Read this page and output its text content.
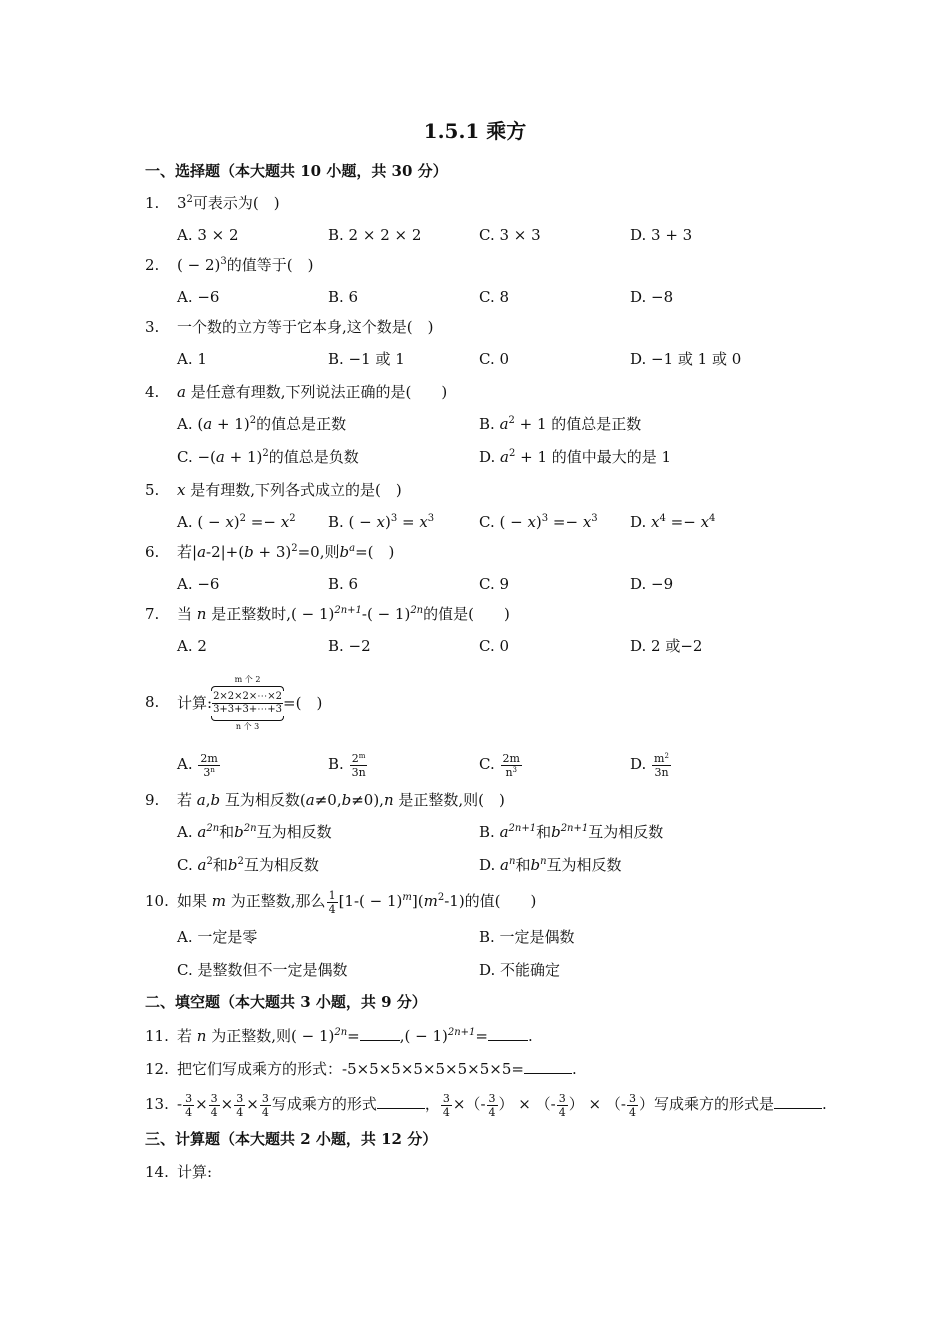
1.5.1 乘方
一、选择题（本大题共 10 小题，共 30 分）
1. $3^2$可表示为(　)
A. 3 × 2	B. 2 × 2 × 2	C. 3 × 3	D. 3 + 3
2. ( − 2)$^3$的值等于(　)
A. −6	B. 6	C. 8	D. −8
3. 一个数的立方等于它本身,这个数是(　)
A. 1	B. −1 或 1	C. 0	D. −1 或 1 或 0
4. a 是任意有理数,下列说法正确的是(　　)
A. $(a + 1)^2$的值总是正数	B. $a^2 + 1$ 的值总是正数
C. $-(a + 1)^2$的值总是负数	D. $a^2 + 1$ 的值中最大的是 1
5. x 是有理数,下列各式成立的是(　)
A. ( − $x)^2 =- x^2$ B. ( − $x)^3 = x^3$	C. ( − $x)^3 =- x^3$ D. $x^4 =- x^4$
6. 若$|a-2|+(b + 3)^2=0$,则$b^a=$(　)
A. −6	B. 6	C. 9	D. −9
7. 当 n 是正整数时,( − $1)^{2n+1}-( - 1)^{2n}$的值是(　　)
A. 2	B. −2	C. 0	D. 2 或−2
8. 计算:
m 个 2
2×2×2×⋯×2
3+3+3+⋯+3
n 个 3
=(　)
A. $\frac{2m}{3^n}$	B. $\frac{2^m}{3n}$	C. $\frac{2m}{n^3}$	D. $\frac{m^2}{3n}$
9. 若 a,b 互为相反数(a≠0,b≠0),n 是正整数,则(　)
A. $a^{2n}$和$b^{2n}$互为相反数	B. $a^{2n+1}$和$b^{2n+1}$互为相反数
C. $a^2$和$b^2$互为相反数	D. $a^n$和$b^n$互为相反数
10. 如果 m 为正整数,那么 $\frac{1}{4} [1-( - 1)^m](m^2-1)$的值(　　)
A. 一定是零	B. 一定是偶数
C. 是整数但不一定是偶数	D. 不能确定
二、填空题（本大题共 3 小题，共 9 分）
11. 若 n 为正整数,则( − 1)$^{2n}$=	,( − 1)$^{2n+1}$=	.
12. 把它们写成乘方的形式：-5×5×5×5×5×5×5×5=	.
13. - $\frac{3}{4} \times \frac{3}{4} \times \frac{3}{4} \times \frac{3}{4}$ 写成乘方的形式	， $\frac{3}{4}$ ×（- $\frac{3}{4}$ ） × （- $\frac{3}{4}$ ） × （- $\frac{3}{4}$ ）写成乘方的形式是	.
三、计算题（本大题共 2 小题，共 12 分）
14. 计算:
